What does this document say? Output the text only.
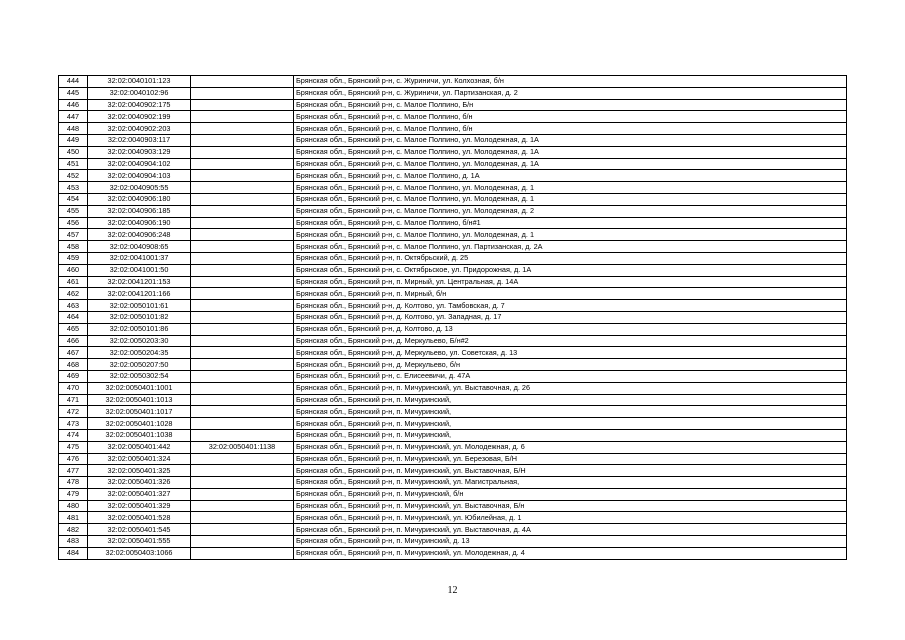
444	32:02:0040101:123		Брянская обл., Брянский р-н, с. Журиничи, ул. Колхозная, б/н
445	32:02:0040102:96		Брянская обл., Брянский р-н, с. Журиничи, ул. Партизанская, д. 2
446	32:02:0040902:175		Брянская обл., Брянский р-н, с. Малое Полпино, Б/н
447	32:02:0040902:199		Брянская обл., Брянский р-н, с. Малое Полпино, б/н
448	32:02:0040902:203		Брянская обл., Брянский р-н, с. Малое Полпино, б/н
449	32:02:0040903:117		Брянская обл., Брянский р-н, с. Малое Полпино, ул. Молодежная, д. 1А
450	32:02:0040903:129		Брянская обл., Брянский р-н, с. Малое Полпино, ул. Молодежная, д. 1А
451	32:02:0040904:102		Брянская обл., Брянский р-н, с. Малое Полпино, ул. Молодежная, д. 1А
452	32:02:0040904:103		Брянская обл., Брянский р-н, с. Малое Полпино, д. 1А
453	32:02:0040905:55		Брянская обл., Брянский р-н, с. Малое Полпино, ул. Молодежная, д. 1
454	32:02:0040906:180		Брянская обл., Брянский р-н, с. Малое Полпино, ул. Молодежная, д. 1
455	32:02:0040906:185		Брянская обл., Брянский р-н, с. Малое Полпино, ул. Молодежная, д. 2
456	32:02:0040906:190		Брянская обл., Брянский р-н, с. Малое Полпино, б/н#1
457	32:02:0040906:248		Брянская обл., Брянский р-н, с. Малое Полпино, ул. Молодежная, д. 1
458	32:02:0040908:65		Брянская обл., Брянский р-н, с. Малое Полпино, ул. Партизанская, д. 2А
459	32:02:0041001:37		Брянская обл., Брянский р-н, п. Октябрьский, д. 25
460	32:02:0041001:50		Брянская обл., Брянский р-н, с. Октябрьское, ул. Придорожная, д. 1А
461	32:02:0041201:153		Брянская обл., Брянский р-н, п. Мирный, ул. Центральная, д. 14А
462	32:02:0041201:166		Брянская обл., Брянский р-н, п. Мирный, б/н
463	32:02:0050101:61		Брянская обл., Брянский р-н, д. Колтово, ул. Тамбовская, д. 7
464	32:02:0050101:82		Брянская обл., Брянский р-н, д. Колтово, ул. Западная, д. 17
465	32:02:0050101:86		Брянская обл., Брянский р-н, д. Колтово, д. 13
466	32:02:0050203:30		Брянская обл., Брянский р-н, д. Меркульево, Б/н#2
467	32:02:0050204:35		Брянская обл., Брянский р-н, д. Меркульево, ул. Советская, д. 13
468	32:02:0050207:50		Брянская обл., Брянский р-н, д. Меркульево, б/н
469	32:02:0050302:54		Брянская обл., Брянский р-н, с. Елисеевичи, д. 47А
470	32:02:0050401:1001		Брянская обл., Брянский р-н, п. Мичуринский, ул. Выставочная, д. 26
471	32:02:0050401:1013		Брянская обл., Брянский р-н, п. Мичуринский,
472	32:02:0050401:1017		Брянская обл., Брянский р-н, п. Мичуринский,
473	32:02:0050401:1028		Брянская обл., Брянский р-н, п. Мичуринский,
474	32:02:0050401:1038		Брянская обл., Брянский р-н, п. Мичуринский,
475	32:02:0050401:442	32:02:0050401:1138	Брянская обл., Брянский р-н, п. Мичуринский, ул. Молодежная, д. 6
476	32:02:0050401:324		Брянская обл., Брянский р-н, п. Мичуринский, ул. Березовая, Б/Н
477	32:02:0050401:325		Брянская обл., Брянский р-н, п. Мичуринский, ул. Выставочная, Б/Н
478	32:02:0050401:326		Брянская обл., Брянский р-н, п. Мичуринский, ул. Магистральная,
479	32:02:0050401:327		Брянская обл., Брянский р-н, п. Мичуринский, б/н
480	32:02:0050401:329		Брянская обл., Брянский р-н, п. Мичуринский, ул. Выставочная, Б/н
481	32:02:0050401:528		Брянская обл., Брянский р-н, п. Мичуринский, ул. Юбилейная, д. 1
482	32:02:0050401:545		Брянская обл., Брянский р-н, п. Мичуринский, ул. Выставочная, д. 4А
483	32:02:0050401:555		Брянская обл., Брянский р-н, п. Мичуринский, д. 13
484	32:02:0050403:1066		Брянская обл., Брянский р-н, п. Мичуринский, ул. Молодежная, д. 4
12
